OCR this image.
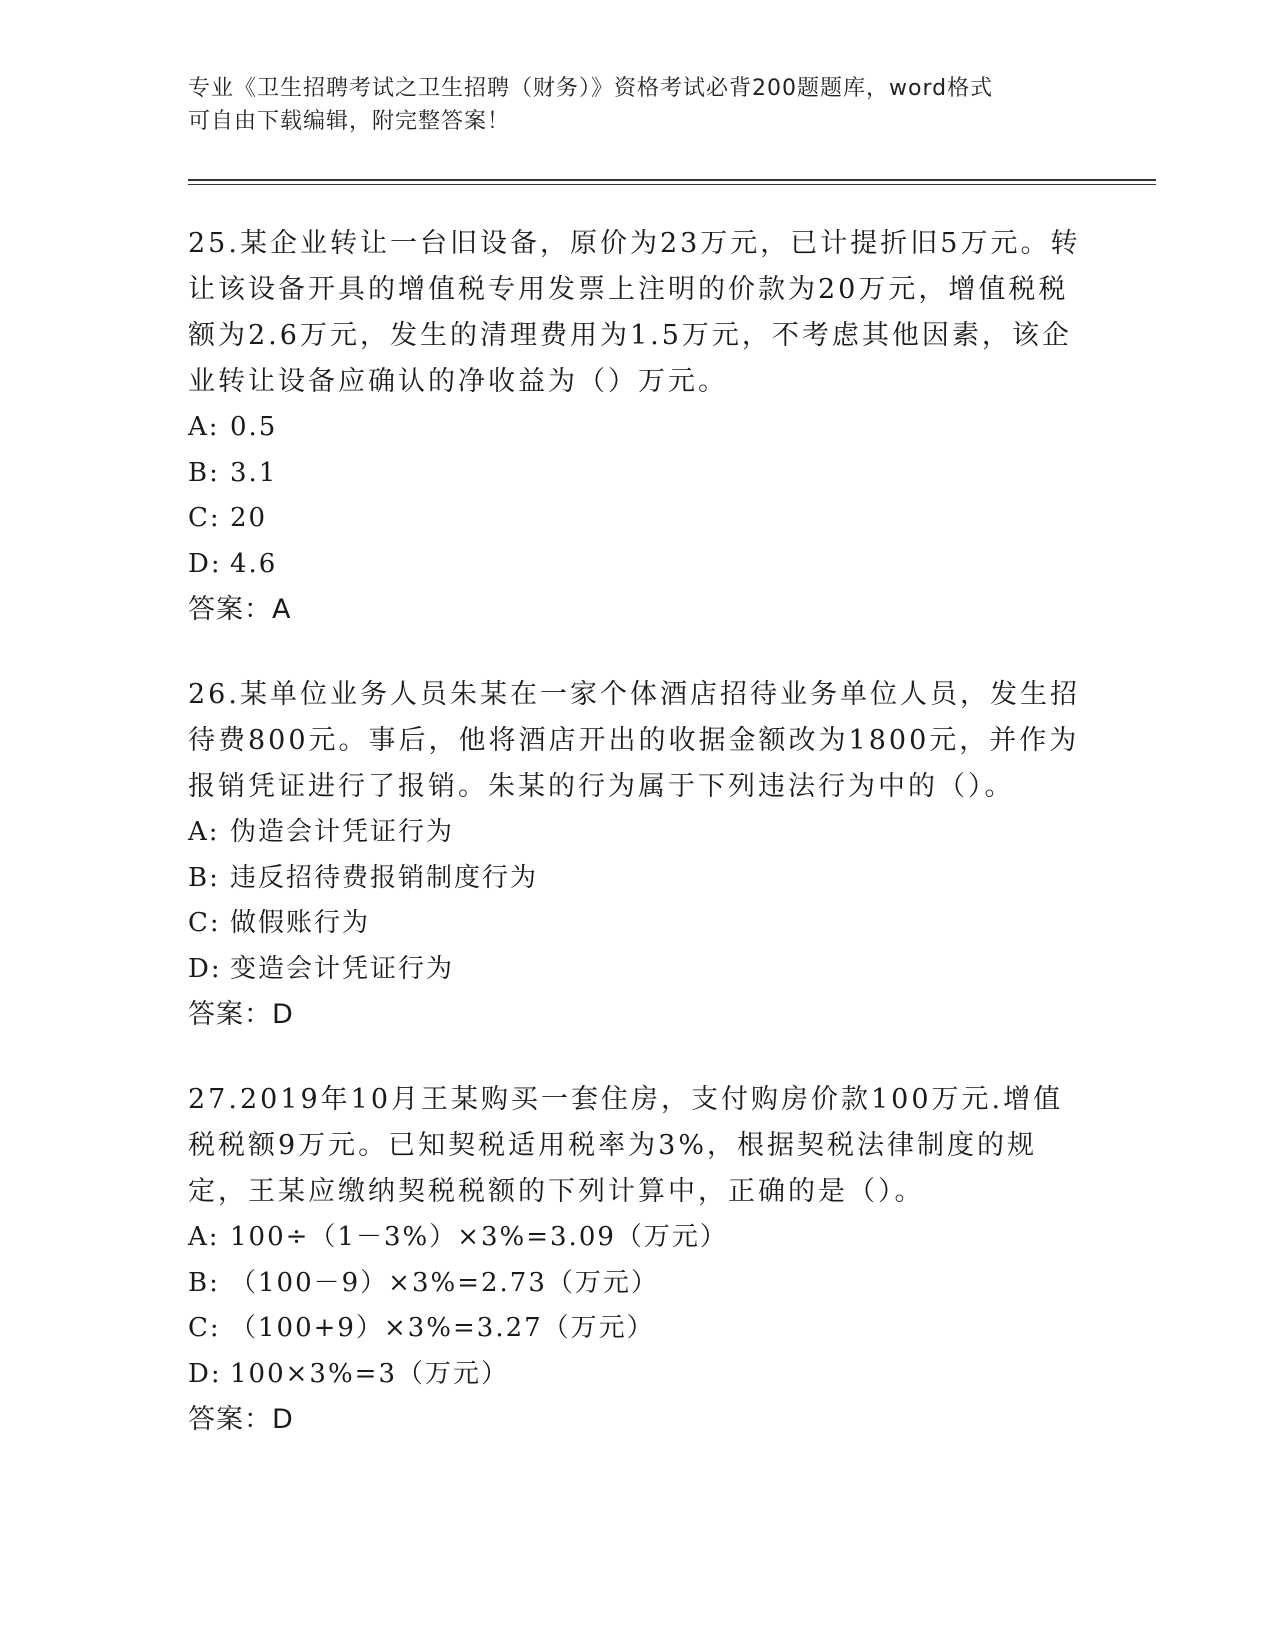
专业《卫生招聘考试之卫生招聘（财务）》资格考试必背200题题库，word格式
可自由下载编辑，附完整答案！

25.某企业转让一台旧设备，原价为23万元，已计提折旧5万元。转让该设备开具的增值税专用发票上注明的价款为20万元，增值税税额为2.6万元，发生的清理费用为1.5万元，不考虑其他因素，该企业转让设备应确认的净收益为（）万元。

A: 0.5

B: 3.1

C: 20

D: 4.6

答案：A

26.某单位业务人员朱某在一家个体酒店招待业务单位人员，发生招待费800元。事后，他将酒店开出的收据金额改为1800元，并作为报销凭证进行了报销。朱某的行为属于下列违法行为中的（）。

A: 伪造会计凭证行为

B: 违反招待费报销制度行为

C: 做假账行为

D: 变造会计凭证行为

答案：D

27.2019年10月王某购买一套住房，支付购房价款100万元.增值税税额9万元。已知契税适用税率为3%，根据契税法律制度的规定，王某应缴纳契税税额的下列计算中，正确的是（）。

A: 100÷（1－3%）×3%=3.09（万元）

B: （100－9）×3%=2.73（万元）

C: （100+9）×3%=3.27（万元）

D: 100×3%=3（万元）

答案：D
